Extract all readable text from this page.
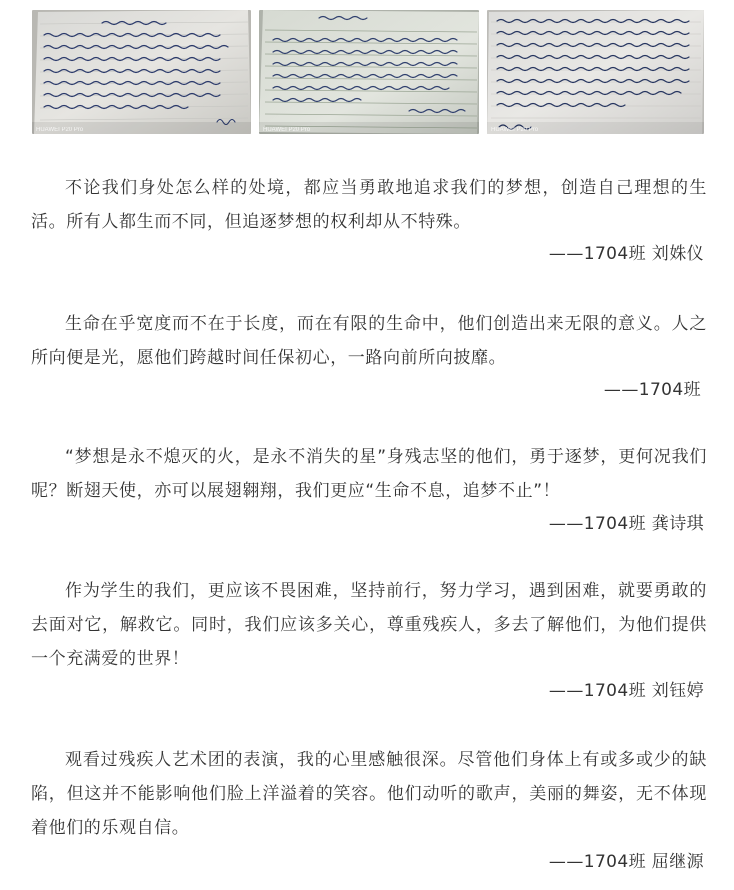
HUAWEI P20 Pro	HUAWEI P20 Pro	HUAWEI P20 Pro

不论我们身处怎么样的处境，都应当勇敢地追求我们的梦想，创造自己理想的生活。所有人都生而不同，但追逐梦想的权利却从不特殊。

——1704班 刘姝仪

生命在乎宽度而不在于长度，而在有限的生命中，他们创造出来无限的意义。人之所向便是光，愿他们跨越时间任保初心，一路向前所向披靡。

——1704班

“梦想是永不熄灭的火，是永不消失的星”身残志坚的他们，勇于逐梦，更何况我们呢？断翅天使，亦可以展翅翱翔，我们更应“生命不息，追梦不止”！

——1704班 龚诗琪

作为学生的我们，更应该不畏困难，坚持前行，努力学习，遇到困难，就要勇敢的去面对它，解救它。同时，我们应该多关心，尊重残疾人，多去了解他们，为他们提供一个充满爱的世界！

——1704班 刘钰婷

观看过残疾人艺术团的表演，我的心里感触很深。尽管他们身体上有或多或少的缺陷，但这并不能影响他们脸上洋溢着的笑容。他们动听的歌声，美丽的舞姿，无不体现着他们的乐观自信。

——1704班 屈继源
